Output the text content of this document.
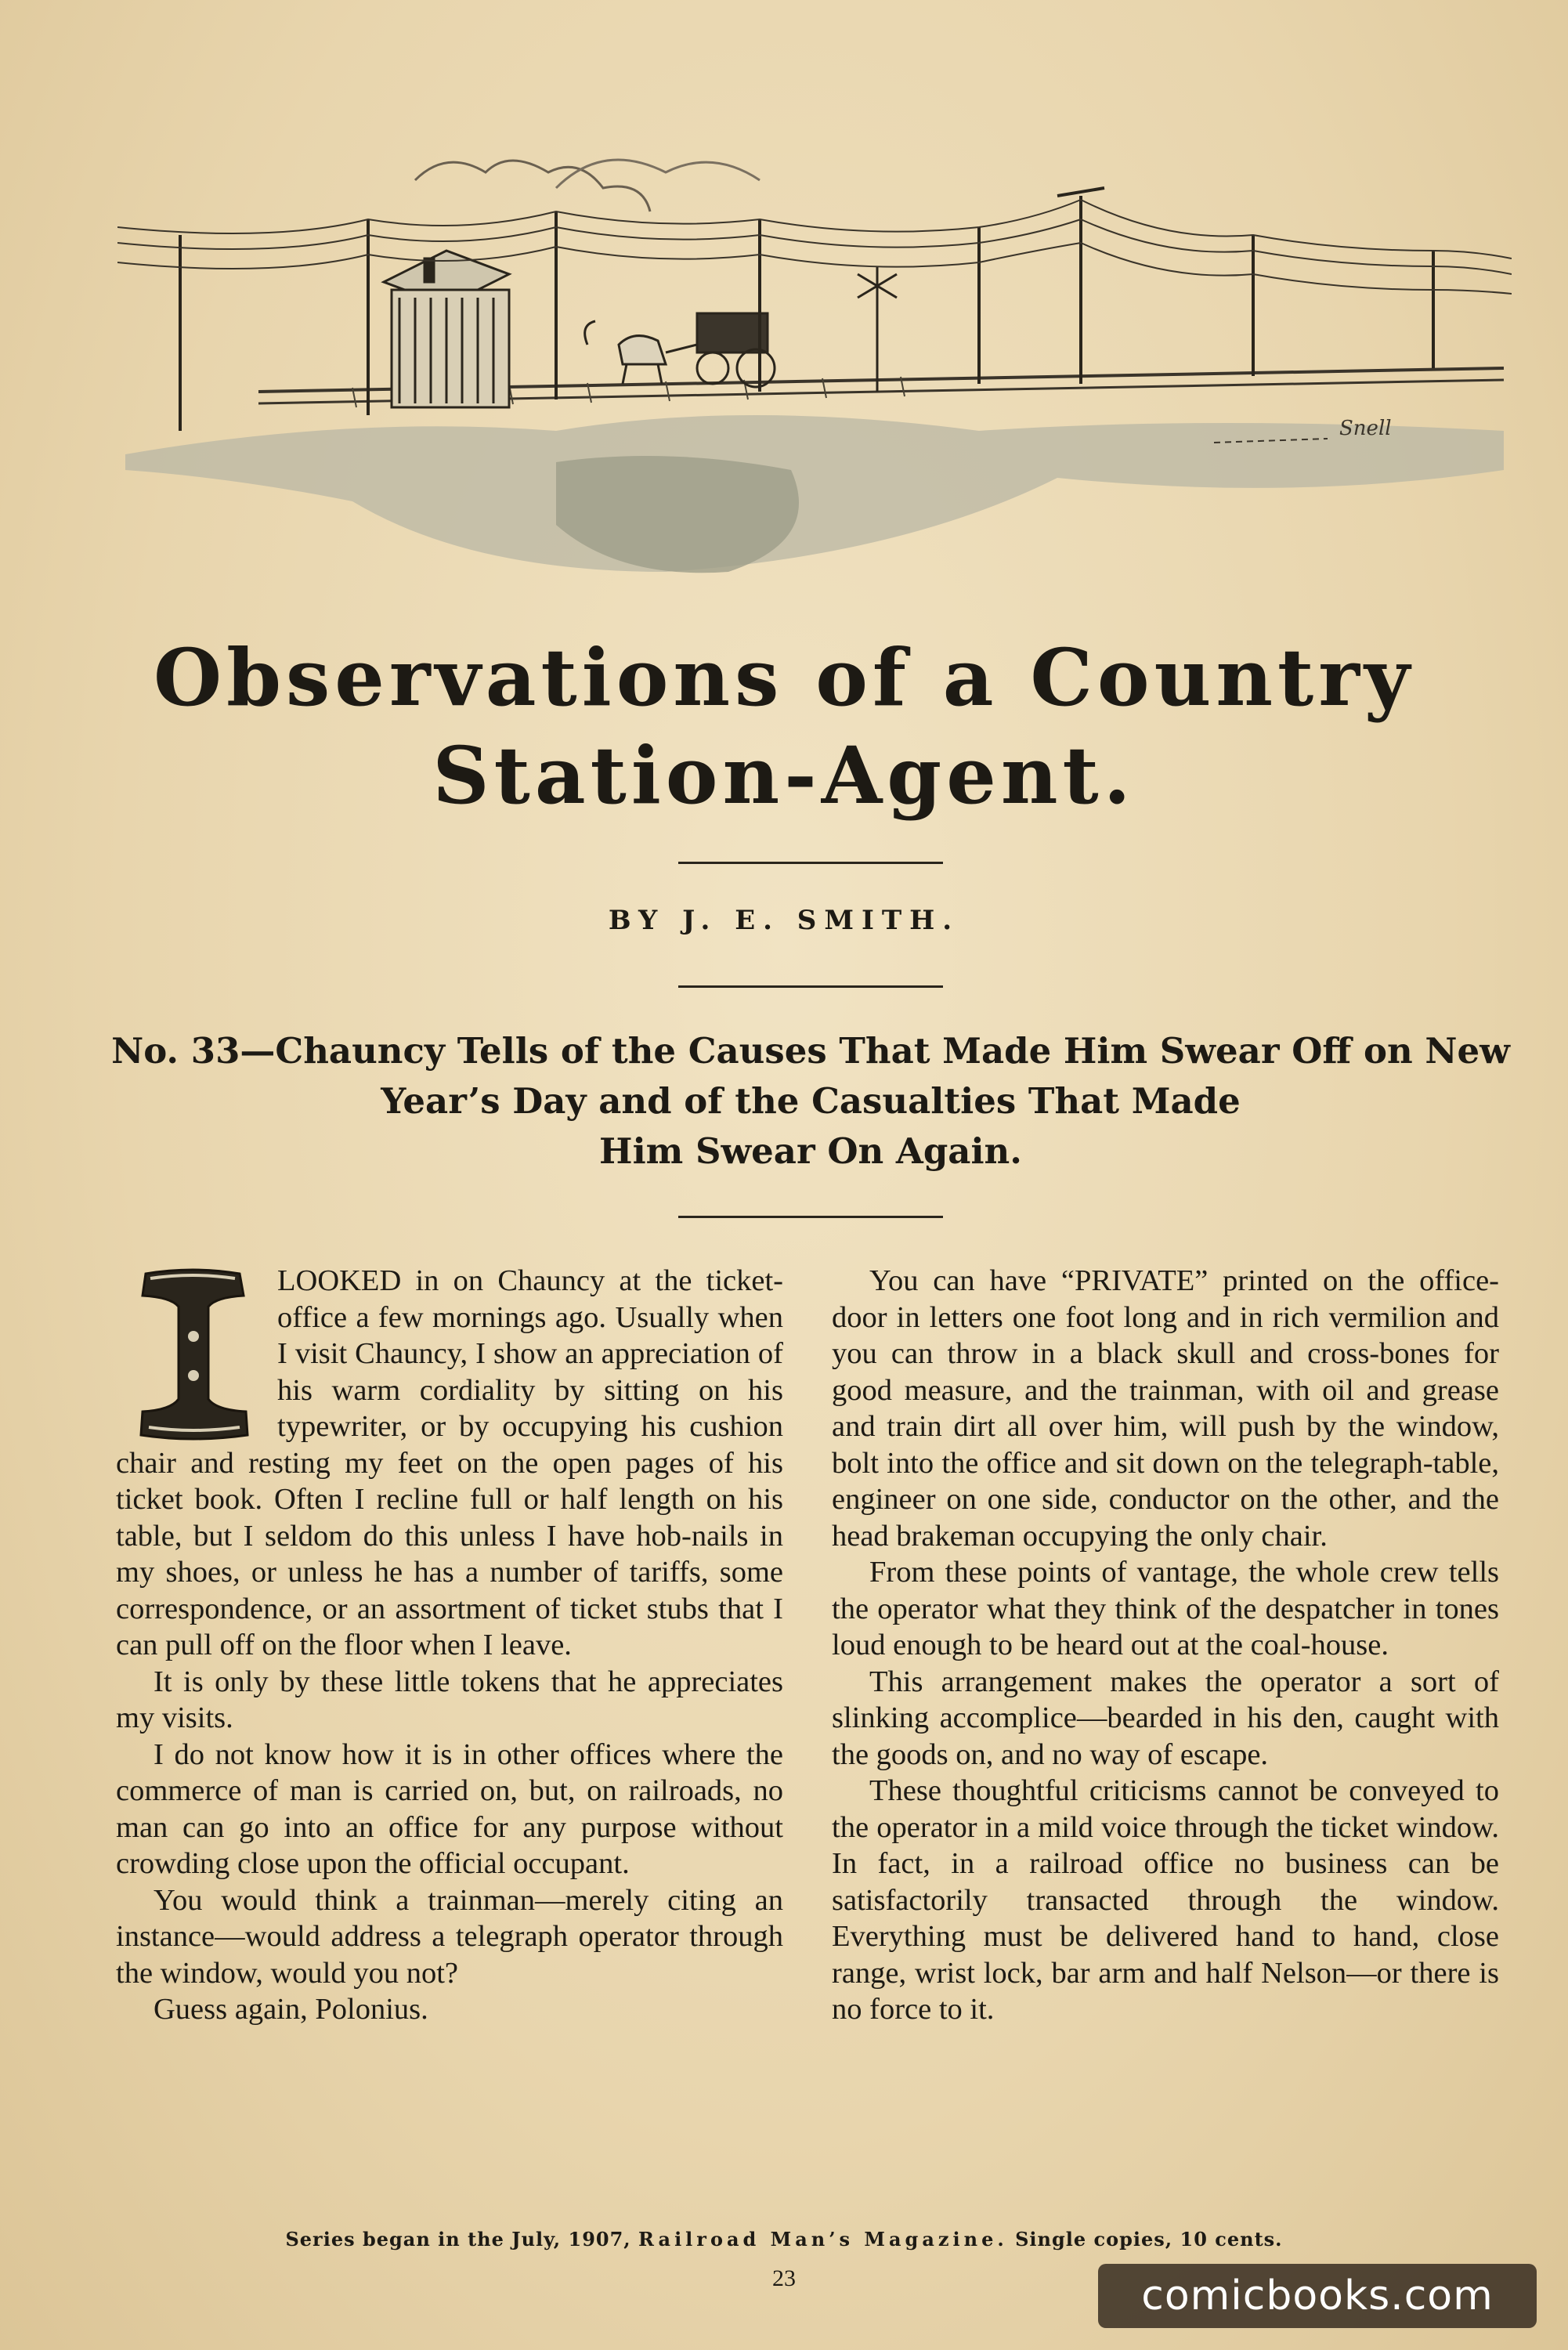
Snell
Observations of a Country
Station-Agent.
BY J. E. SMITH.
No. 33—Chauncy Tells of the Causes That Made Him Swear Off on New
Year’s Day and of the Casualties That Made
Him Swear On Again.

LOOKED in on Chauncy at the ticket-office a few mornings ago. Usually when I visit Chauncy, I show an appreciation of his warm cordiality by sitting on his typewriter, or by occupying his cushion chair and resting my feet on the open pages of his ticket book. Often I recline full or half length on his table, but I seldom do this unless I have hob-nails in my shoes, or unless he has a number of tariffs, some correspondence, or an assortment of ticket stubs that I can pull off on the floor when I leave.

It is only by these little tokens that he appreciates my visits.

I do not know how it is in other offices where the commerce of man is carried on, but, on railroads, no man can go into an office for any purpose without crowding close upon the official occupant.

You would think a trainman—merely citing an instance—would address a telegraph operator through the window, would you not?

Guess again, Polonius.

You can have “PRIVATE” printed on the office-door in letters one foot long and in rich vermilion and you can throw in a black skull and cross-bones for good measure, and the trainman, with oil and grease and train dirt all over him, will push by the window, bolt into the office and sit down on the telegraph-table, engineer on one side, conductor on the other, and the head brakeman occupying the only chair.

From these points of vantage, the whole crew tells the operator what they think of the despatcher in tones loud enough to be heard out at the coal-house.

This arrangement makes the operator a sort of slinking accomplice—bearded in his den, caught with the goods on, and no way of escape.

These thoughtful criticisms cannot be conveyed to the operator in a mild voice through the ticket window. In fact, in a railroad office no business can be satisfactorily transacted through the window. Everything must be delivered hand to hand, close range, wrist lock, bar arm and half Nelson—or there is no force to it.

Series began in the July, 1907, Railroad Man’s Magazine. Single copies, 10 cents.
23	comicbooks.com
